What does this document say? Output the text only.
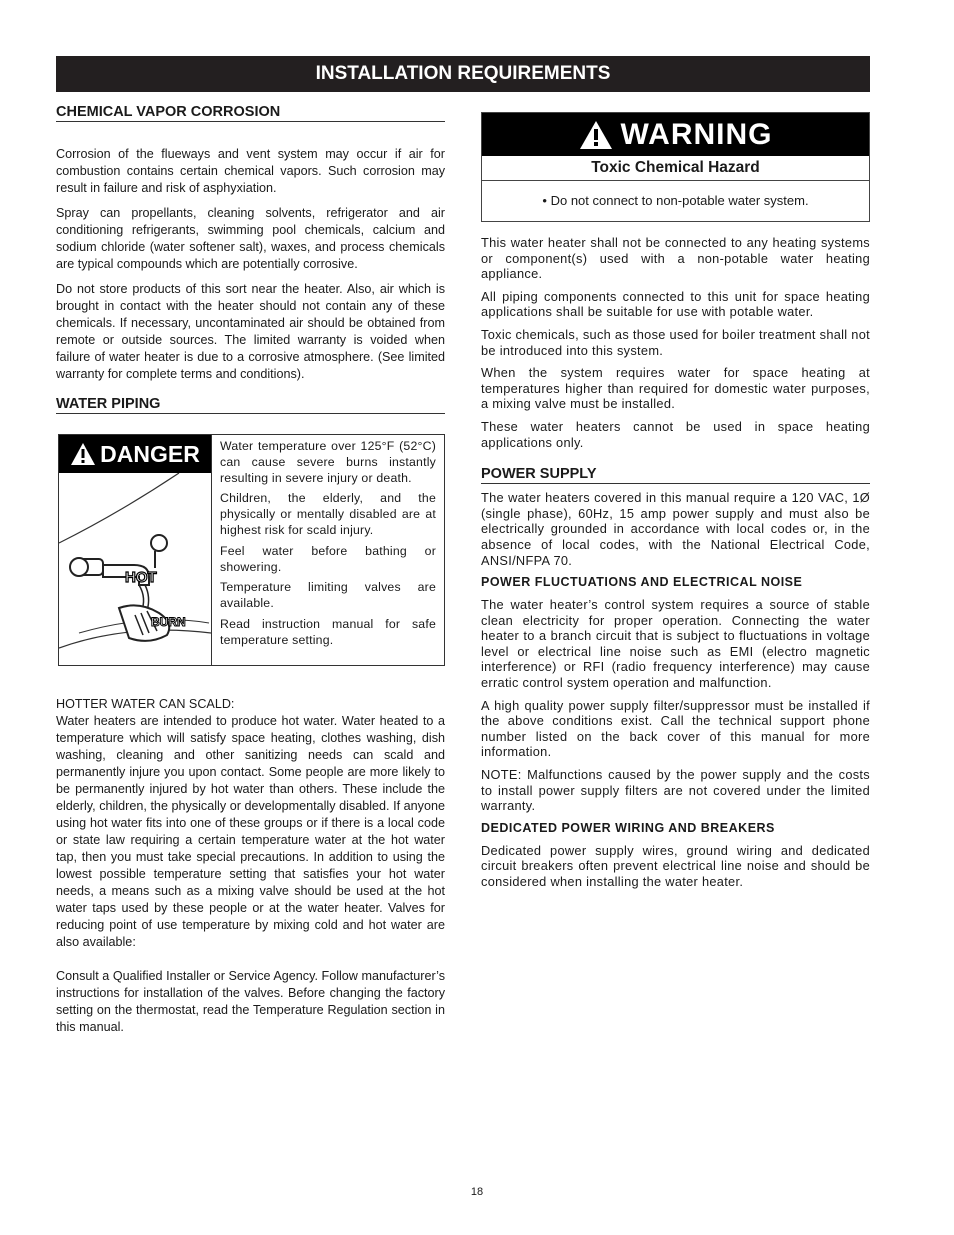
INSTALLATION REQUIREMENTS
CHEMICAL VAPOR CORROSION

Corrosion of the flueways and vent system may occur if air for combustion contains certain chemical vapors. Such corrosion may result in failure and risk of asphyxiation.

Spray can propellants, cleaning solvents, refrigerator and air conditioning refrigerants, swimming pool chemicals, calcium and sodium chloride (water softener salt), waxes, and process chemicals are typical compounds which are potentially corrosive.

Do not store products of this sort near the heater. Also, air which is brought in contact with the heater should not contain any of these chemicals. If necessary, uncontaminated air should be obtained from remote or outside sources. The limited warranty is voided when failure of water heater is due to a corrosive atmosphere. (See limited warranty for complete terms and conditions).

WATER PIPING
DANGER
HOT
BURN
Water temperature over 125°F (52°C) can cause severe burns instantly resulting in severe injury or death.
Children, the elderly, and the physically or mentally disabled are at highest risk for scald injury.
Feel water before bathing or showering.
Temperature limiting valves are available.
Read instruction manual for safe temperature setting.

HOTTER WATER CAN SCALD:

Water heaters are intended to produce hot water. Water heated to a temperature which will satisfy space heating, clothes washing, dish washing, cleaning and other sanitizing needs can scald and permanently injure you upon contact. Some people are more likely to be permanently injured by hot water than others. These include the elderly, children, the physically or developmentally disabled. If anyone using hot water fits into one of these groups or if there is a local code or state law requiring a certain temperature water at the hot water tap, then you must take special precautions. In addition to using the lowest possible temperature setting that satisfies your hot water needs, a means such as a mixing valve should be used at the hot water taps used by these people or at the water heater. Valves for reducing point of use temperature by mixing cold and hot water are also available:

Consult a Qualified Installer or Service Agency. Follow manufacturer’s instructions for installation of the valves. Before changing the factory setting on the thermostat, read the Temperature Regulation section in this manual.

WARNING
Toxic Chemical Hazard
• Do not connect to non-potable water system.

This water heater shall not be connected to any heating systems or component(s) used with a non-potable water heating appliance.

All piping components connected to this unit for space heating applications shall be suitable for use with potable water.

Toxic chemicals, such as those used for boiler treatment shall not be introduced into this system.

When the system requires water for space heating at temperatures higher than required for domestic water purposes, a mixing valve must be installed.

These water heaters cannot be used in space heating applications only.

POWER SUPPLY

The water heaters covered in this manual require a 120 VAC, 1Ø (single phase), 60Hz, 15 amp power supply and must also be electrically grounded in accordance with local codes or, in the absence of local codes, with the National Electrical Code, ANSI/NFPA 70.

POWER FLUCTUATIONS AND ELECTRICAL NOISE

The water heater’s control system requires a source of stable clean electricity for proper operation. Connecting the water heater to a branch circuit that is subject to fluctuations in voltage level or electrical line noise such as EMI (electro magnetic interference) or RFI (radio frequency interference) may cause erratic control system operation and malfunction.

A high quality power supply filter/suppressor must be installed if the above conditions exist. Call the technical support phone number listed on the back cover of this manual for more information.

NOTE: Malfunctions caused by the power supply and the costs to install power supply filters are not covered under the limited warranty.

DEDICATED POWER WIRING AND BREAKERS

Dedicated power supply wires, ground wiring and dedicated circuit breakers often prevent electrical line noise and should be considered when installing the water heater.

18
